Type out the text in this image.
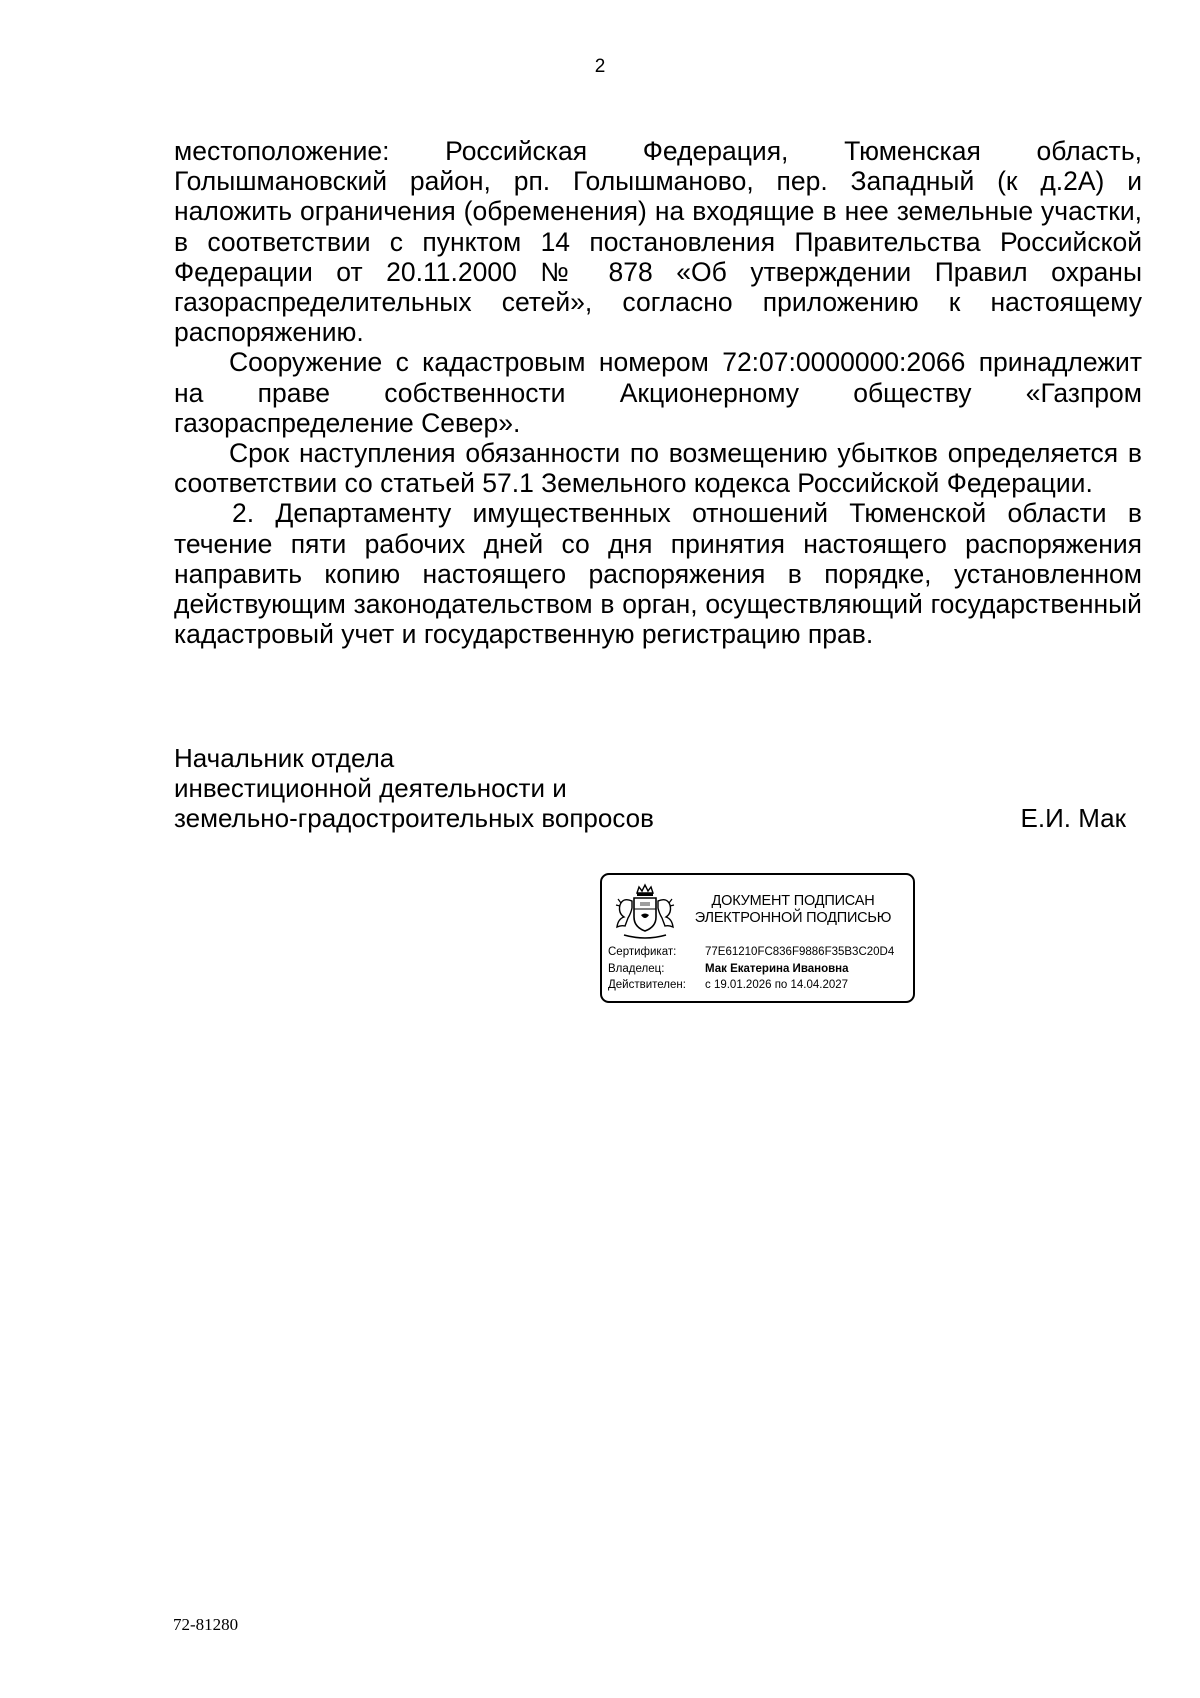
2

местоположение: Российская Федерация, Тюменская область, Голышмановский район, рп. Голышманово, пер. Западный (к д.2А) и наложить ограничения (обременения) на входящие в нее земельные участки, в соответствии с пунктом 14 постановления Правительства Российской Федерации от 20.11.2000 № 878 «Об утверждении Правил охраны газораспределительных сетей», согласно приложению к настоящему распоряжению.

Сооружение с кадастровым номером 72:07:0000000:2066 принадлежит на праве собственности Акционерному обществу «Газпром газораспределение Север».

Срок наступления обязанности по возмещению убытков определяется в соответствии со статьей 57.1 Земельного кодекса Российской Федерации.

2. Департаменту имущественных отношений Тюменской области в течение пяти рабочих дней со дня принятия настоящего распоряжения направить копию настоящего распоряжения в порядке, установленном действующим законодательством в орган, осуществляющий государственный кадастровый учет и государственную регистрацию прав.

Начальник отдела
инвестиционной деятельности и
земельно-градостроительных вопросов	Е.И. Мак
ДОКУМЕНТ ПОДПИСАН
ЭЛЕКТРОННОЙ ПОДПИСЬЮ
Сертификат:	77E61210FC836F9886F35B3C20D4
Владелец:	Мак Екатерина Ивановна
Действителен:	с 19.01.2026 по 14.04.2027
72-81280
